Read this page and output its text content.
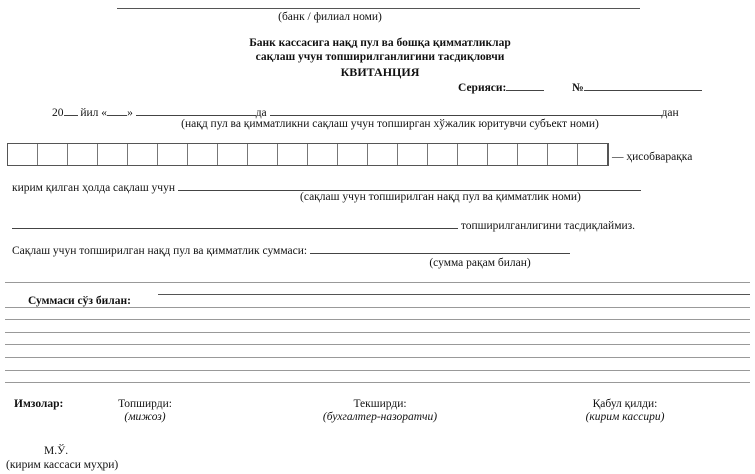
(банк / филиал номи)
Банк кассасига нақд пул ва бошқа қимматликлар
сақлаш учун топширилганлигини тасдиқловчи
КВИТАНЦИЯ
Серияси:	№
20 йил « »	да	дан
(нақд пул ва қимматликни сақлаш учун топширган хўжалик юритувчи субъект номи)
— ҳисобварақка
кирим қилган ҳолда сақлаш учун
(сақлаш учун топширилган нақд пул ва қимматлик номи)
топширилганлигини тасдиқлаймиз.
Сақлаш учун топширилган нақд пул ва қимматлик суммаси:
(сумма рақам билан)
Суммаси сўз билан:
Имзолар:	Топширди:
(мижоз)
Текширди:
(бухгалтер-назоратчи)
Қабул қилди:
(кирим кассири)
М.Ў.
(кирим кассаси муҳри)
